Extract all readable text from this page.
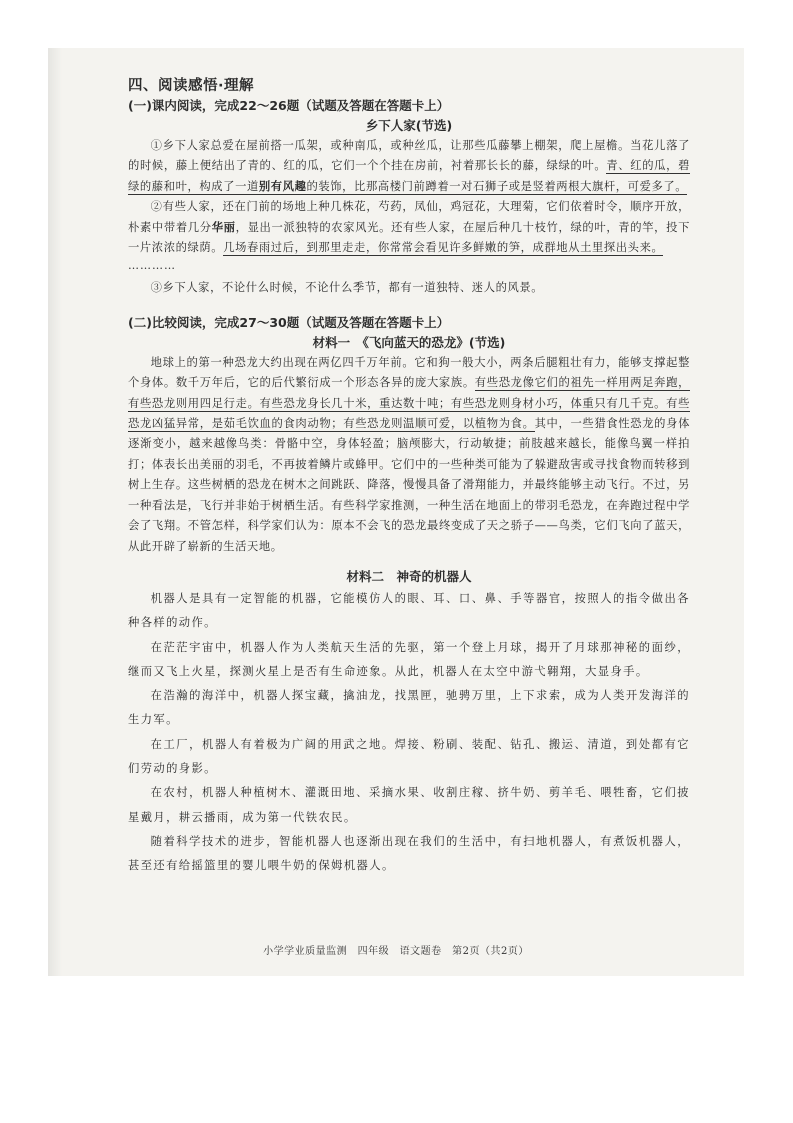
四、阅读感悟·理解
(一)课内阅读，完成22～26题（试题及答题在答题卡上）
乡下人家(节选)

①乡下人家总爱在屋前搭一瓜架，或种南瓜，或种丝瓜，让那些瓜藤攀上棚架，爬上屋檐。当花儿落了的时候，藤上便结出了青的、红的瓜，它们一个个挂在房前，衬着那长长的藤，绿绿的叶。青、红的瓜，碧绿的藤和叶，构成了一道别有风趣的装饰，比那高楼门前蹲着一对石狮子或是竖着两根大旗杆，可爱多了。

②有些人家，还在门前的场地上种几株花，芍药，凤仙，鸡冠花，大理菊，它们依着时令，顺序开放，朴素中带着几分华丽，显出一派独特的农家风光。还有些人家，在屋后种几十枝竹，绿的叶，青的竿，投下一片浓浓的绿荫。几场春雨过后，到那里走走，你常常会看见许多鲜嫩的笋，成群地从土里探出头来。

…………

③乡下人家，不论什么时候，不论什么季节，都有一道独特、迷人的风景。

(二)比较阅读，完成27～30题（试题及答题在答题卡上）
材料一　《飞向蓝天的恐龙》(节选)

地球上的第一种恐龙大约出现在两亿四千万年前。它和狗一般大小，两条后腿粗壮有力，能够支撑起整个身体。数千万年后，它的后代繁衍成一个形态各异的庞大家族。有些恐龙像它们的祖先一样用两足奔跑，有些恐龙则用四足行走。有些恐龙身长几十米，重达数十吨；有些恐龙则身材小巧，体重只有几千克。有些恐龙凶猛异常，是茹毛饮血的食肉动物；有些恐龙则温顺可爱，以植物为食。其中，一些猎食性恐龙的身体逐渐变小，越来越像鸟类：骨骼中空，身体轻盈；脑颅膨大，行动敏捷；前肢越来越长，能像鸟翼一样拍打；体表长出美丽的羽毛，不再披着鳞片或蜂甲。它们中的一些种类可能为了躲避敌害或寻找食物而转移到树上生存。这些树栖的恐龙在树木之间跳跃、降落，慢慢具备了滑翔能力，并最终能够主动飞行。不过，另一种看法是，飞行并非始于树栖生活。有些科学家推测，一种生活在地面上的带羽毛恐龙，在奔跑过程中学会了飞翔。不管怎样，科学家们认为：原本不会飞的恐龙最终变成了天之骄子——鸟类，它们飞向了蓝天，从此开辟了崭新的生活天地。

材料二　神奇的机器人

机器人是具有一定智能的机器，它能模仿人的眼、耳、口、鼻、手等器官，按照人的指令做出各种各样的动作。

在茫茫宇宙中，机器人作为人类航天生活的先驱，第一个登上月球，揭开了月球那神秘的面纱，继而又飞上火星，探测火星上是否有生命迹象。从此，机器人在太空中游弋翱翔，大显身手。

在浩瀚的海洋中，机器人探宝藏，擒油龙，找黑匣，驰骋万里，上下求索，成为人类开发海洋的生力军。

在工厂，机器人有着极为广阔的用武之地。焊接、粉刷、装配、钻孔、搬运、清道，到处都有它们劳动的身影。

在农村，机器人种植树木、灌溉田地、采摘水果、收割庄稼、挤牛奶、剪羊毛、喂牲畜，它们披星戴月，耕云播雨，成为第一代铁农民。

随着科学技术的进步，智能机器人也逐渐出现在我们的生活中，有扫地机器人，有煮饭机器人，甚至还有给摇篮里的婴儿喂牛奶的保姆机器人。

小学学业质量监测　四年级　语文题卷　第2页（共2页）
